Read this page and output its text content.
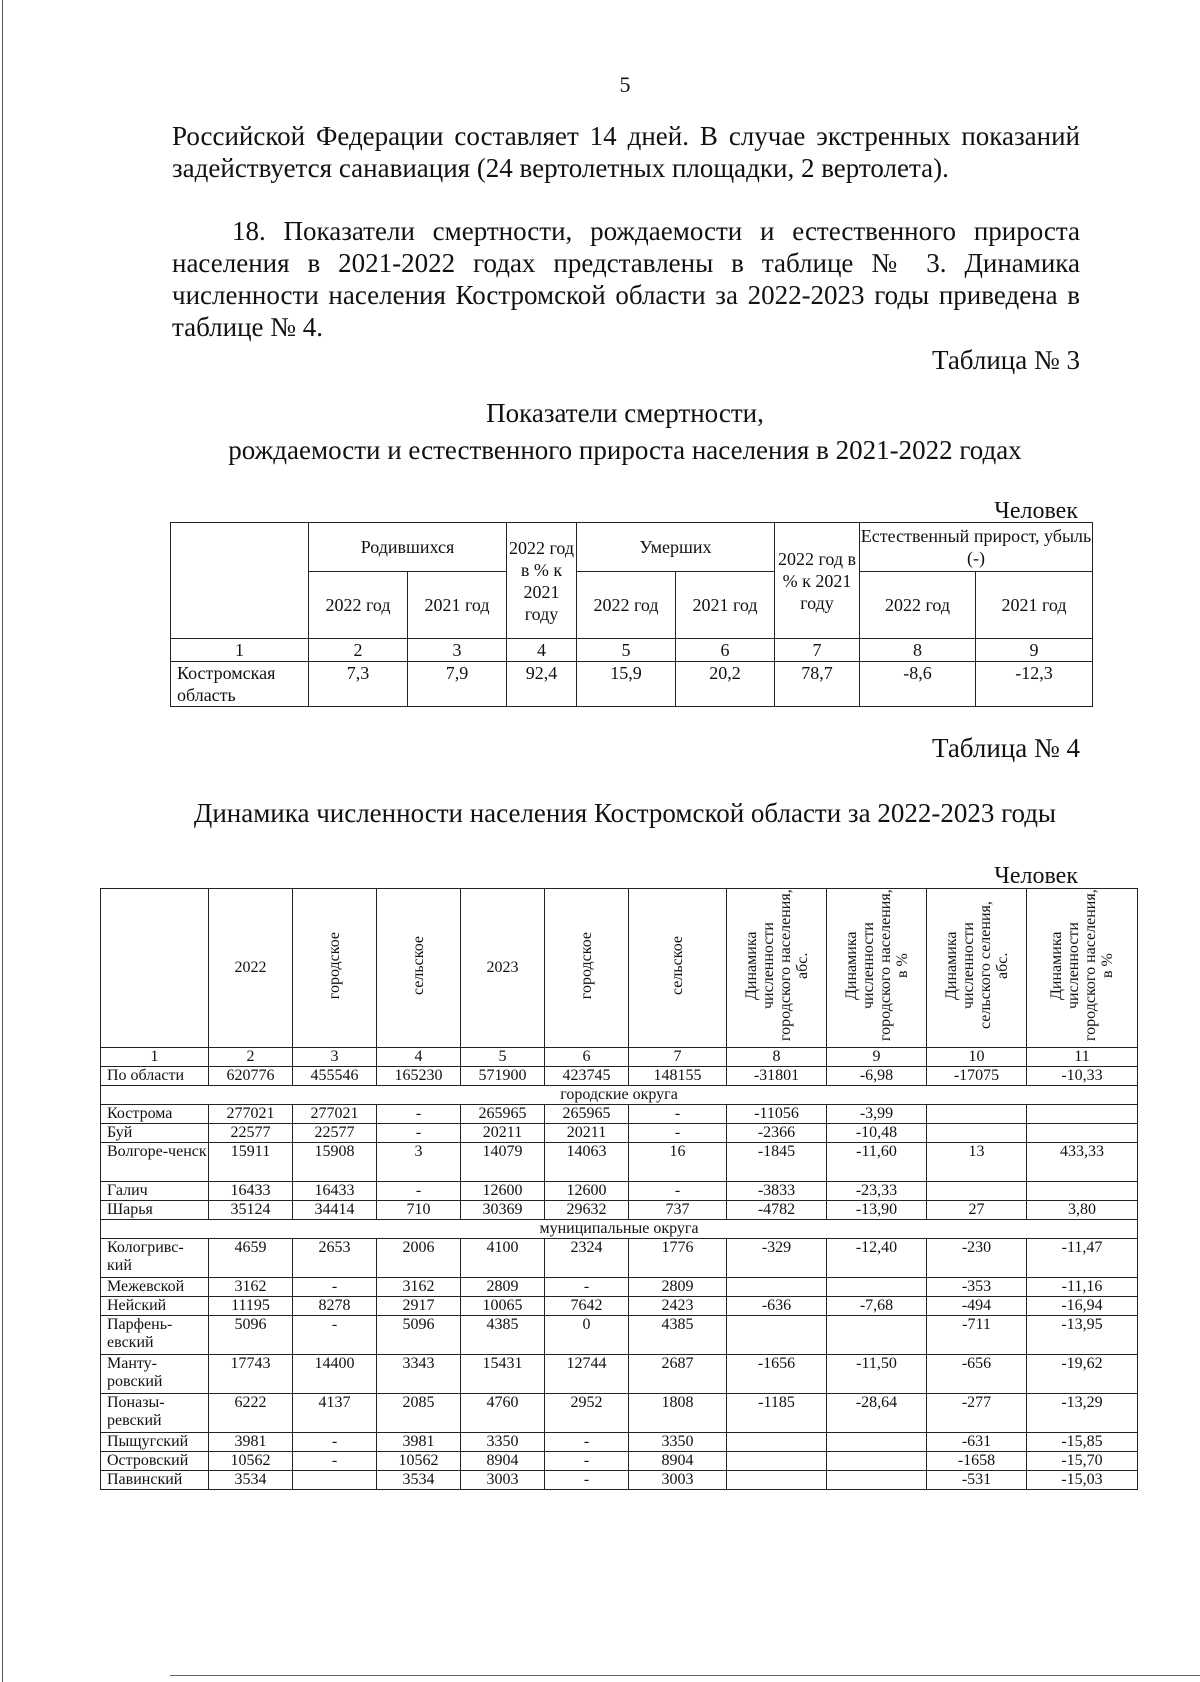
5
Российской Федерации составляет 14 дней. В случае экстренных показаний задействуется санавиация (24 вертолетных площадки, 2 вертолета).
18. Показатели смертности, рождаемости и естественного прироста населения в 2021-2022 годах представлены в таблице № 3. Динамика численности населения Костромской области за 2022-2023 годы приведена в таблице № 4.
Таблица № 3
Показатели смертности,
рождаемости и естественного прироста населения в 2021-2022 годах
Человек
	Родившихся		2022 год в % к 2021 году	Умерших		2022 год в % к 2021 году	Естественный прирост, убыль (-)	
	2022 год	2021 год		2022 год	2021 год		2022 год	2021 год
1	2	3	4	5	6	7	8	9
Костромская область	7,3	7,9	92,4	15,9	20,2	78,7	-8,6	-12,3
Таблица № 4
Динамика численности населения Костромской области за 2022-2023 годы
Человек
	2022	городское	сельское	2023	городское	сельское	Динамика численности городского населения, абс.	Динамика численности городского населения, в %	Динамика численности сельского селения, абс.	Динамика численности городского населения, в %
1	2	3	4	5	6	7	8	9	10	11
По области	620776	455546	165230	571900	423745	148155	-31801	-6,98	-17075	-10,33
городские округа										
Кострома	277021	277021	-	265965	265965	-	-11056	-3,99		
Буй	22577	22577	-	20211	20211	-	-2366	-10,48		
Волгоре-ченск	15911	15908	3	14079	14063	16	-1845	-11,60	13	433,33
Галич	16433	16433	-	12600	12600	-	-3833	-23,33		
Шарья	35124	34414	710	30369	29632	737	-4782	-13,90	27	3,80
муниципальные округа										
Кологривс-кий	4659	2653	2006	4100	2324	1776	-329	-12,40	-230	-11,47
Межевской	3162	-	3162	2809	-	2809			-353	-11,16
Нейский	11195	8278	2917	10065	7642	2423	-636	-7,68	-494	-16,94
Парфень-евский	5096	-	5096	4385	0	4385			-711	-13,95
Манту-ровский	17743	14400	3343	15431	12744	2687	-1656	-11,50	-656	-19,62
Поназы-ревский	6222	4137	2085	4760	2952	1808	-1185	-28,64	-277	-13,29
Пыщугский	3981	-	3981	3350	-	3350			-631	-15,85
Островский	10562	-	10562	8904	-	8904			-1658	-15,70
Павинский	3534		3534	3003	-	3003			-531	-15,03
